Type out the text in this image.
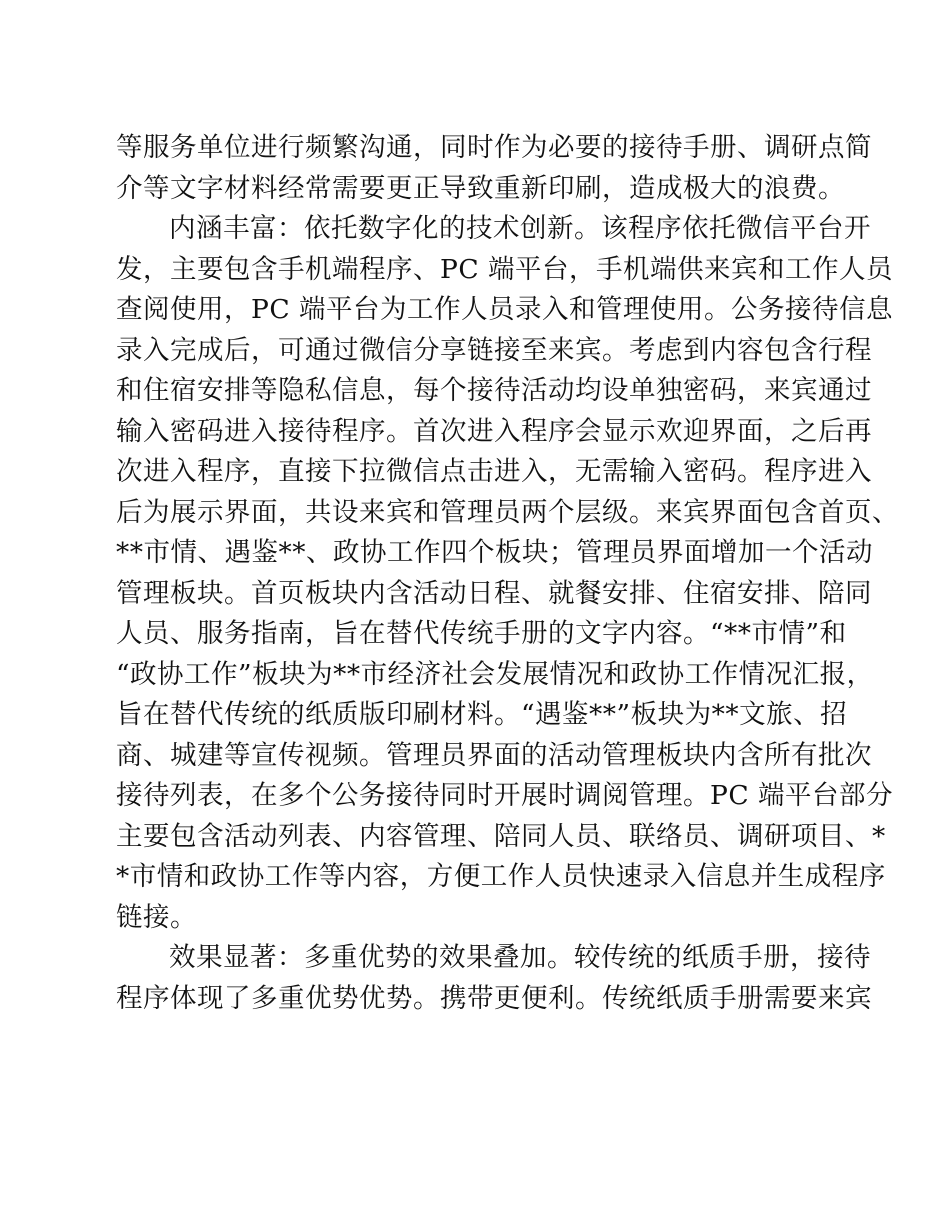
等服务单位进行频繁沟通，同时作为必要的接待手册、调研点简
介等文字材料经常需要更正导致重新印刷，造成极大的浪费。
内涵丰富：依托数字化的技术创新。该程序依托微信平台开
发，主要包含手机端程序、PC 端平台，手机端供来宾和工作人员
查阅使用，PC 端平台为工作人员录入和管理使用。公务接待信息
录入完成后，可通过微信分享链接至来宾。考虑到内容包含行程
和住宿安排等隐私信息，每个接待活动均设单独密码，来宾通过
输入密码进入接待程序。首次进入程序会显示欢迎界面，之后再
次进入程序，直接下拉微信点击进入，无需输入密码。程序进入
后为展示界面，共设来宾和管理员两个层级。来宾界面包含首页、
**市情、遇鉴**、政协工作四个板块；管理员界面增加一个活动
管理板块。首页板块内含活动日程、就餐安排、住宿安排、陪同
人员、服务指南，旨在替代传统手册的文字内容。“**市情”和
“政协工作”板块为**市经济社会发展情况和政协工作情况汇报，
旨在替代传统的纸质版印刷材料。“遇鉴**”板块为**文旅、招
商、城建等宣传视频。管理员界面的活动管理板块内含所有批次
接待列表，在多个公务接待同时开展时调阅管理。PC 端平台部分
主要包含活动列表、内容管理、陪同人员、联络员、调研项目、*
*市情和政协工作等内容，方便工作人员快速录入信息并生成程序
链接。
效果显著：多重优势的效果叠加。较传统的纸质手册，接待
程序体现了多重优势优势。携带更便利。传统纸质手册需要来宾
